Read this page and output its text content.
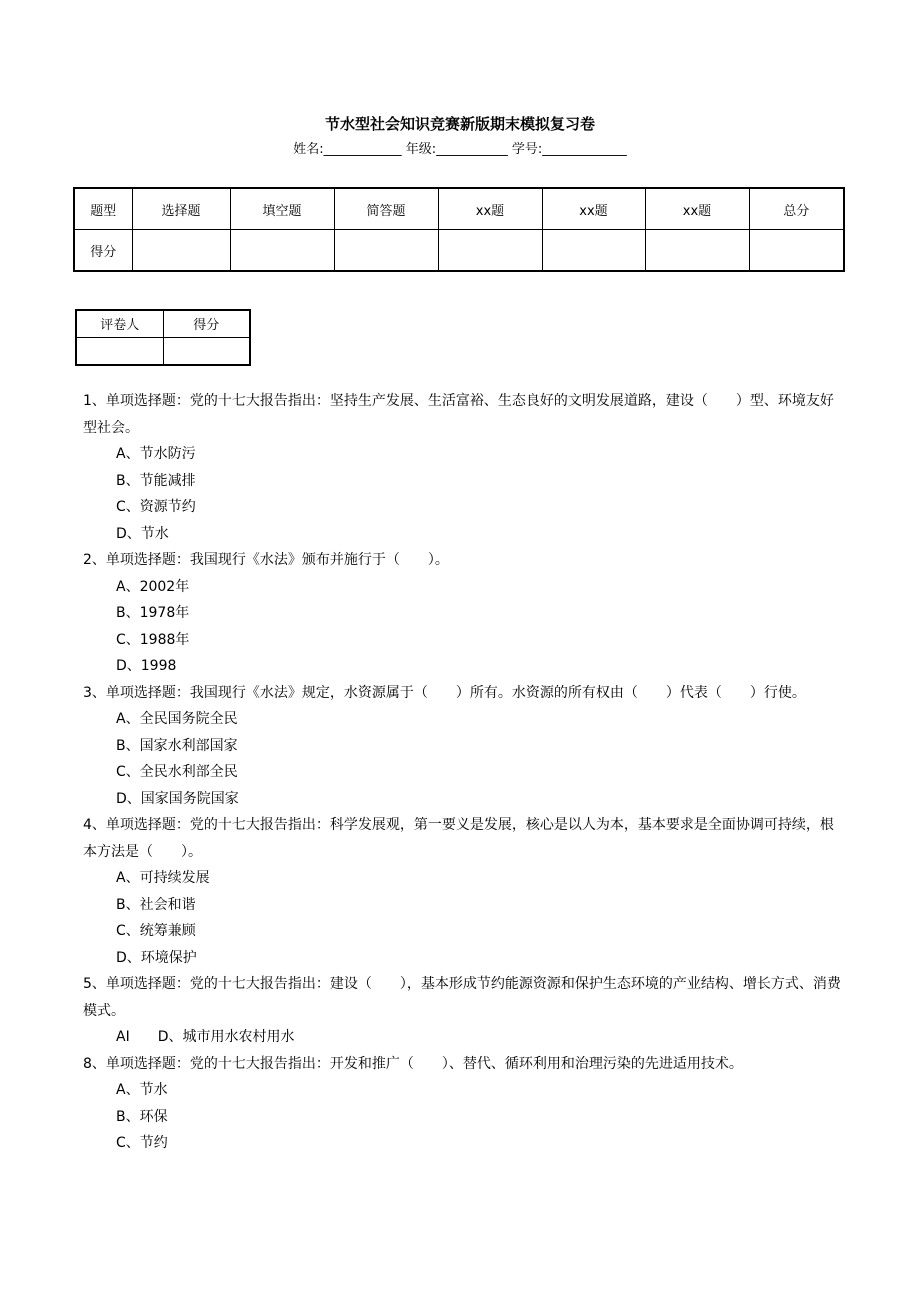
节水型社会知识竞赛新版期末模拟复习卷
姓名:____________ 年级:___________ 学号:_____________
题型	选择题	填空题	简答题	xx题	xx题	xx题	总分
得分							
评卷人	得分

1、单项选择题：党的十七大报告指出：坚持生产发展、生活富裕、生态良好的文明发展道路，建设（　　）型、环境友好型社会。

A、节水防污

B、节能减排

C、资源节约

D、节水

2、单项选择题：我国现行《水法》颁布并施行于（　　）。

A、2002年

B、1978年

C、1988年

D、1998

3、单项选择题：我国现行《水法》规定，水资源属于（　　）所有。水资源的所有权由（　　）代表（　　）行使。

A、全民国务院全民

B、国家水利部国家

C、全民水利部全民

D、国家国务院国家

4、单项选择题：党的十七大报告指出：科学发展观，第一要义是发展，核心是以人为本，基本要求是全面协调可持续，根本方法是（　　）。

A、可持续发展

B、社会和谐

C、统筹兼顾

D、环境保护

5、单项选择题：党的十七大报告指出：建设（　　），基本形成节约能源资源和保护生态环境的产业结构、增长方式、消费模式。

AI　　D、城市用水农村用水

8、单项选择题：党的十七大报告指出：开发和推广（　　）、替代、循环利用和治理污染的先进适用技术。

A、节水

B、环保

C、节约
